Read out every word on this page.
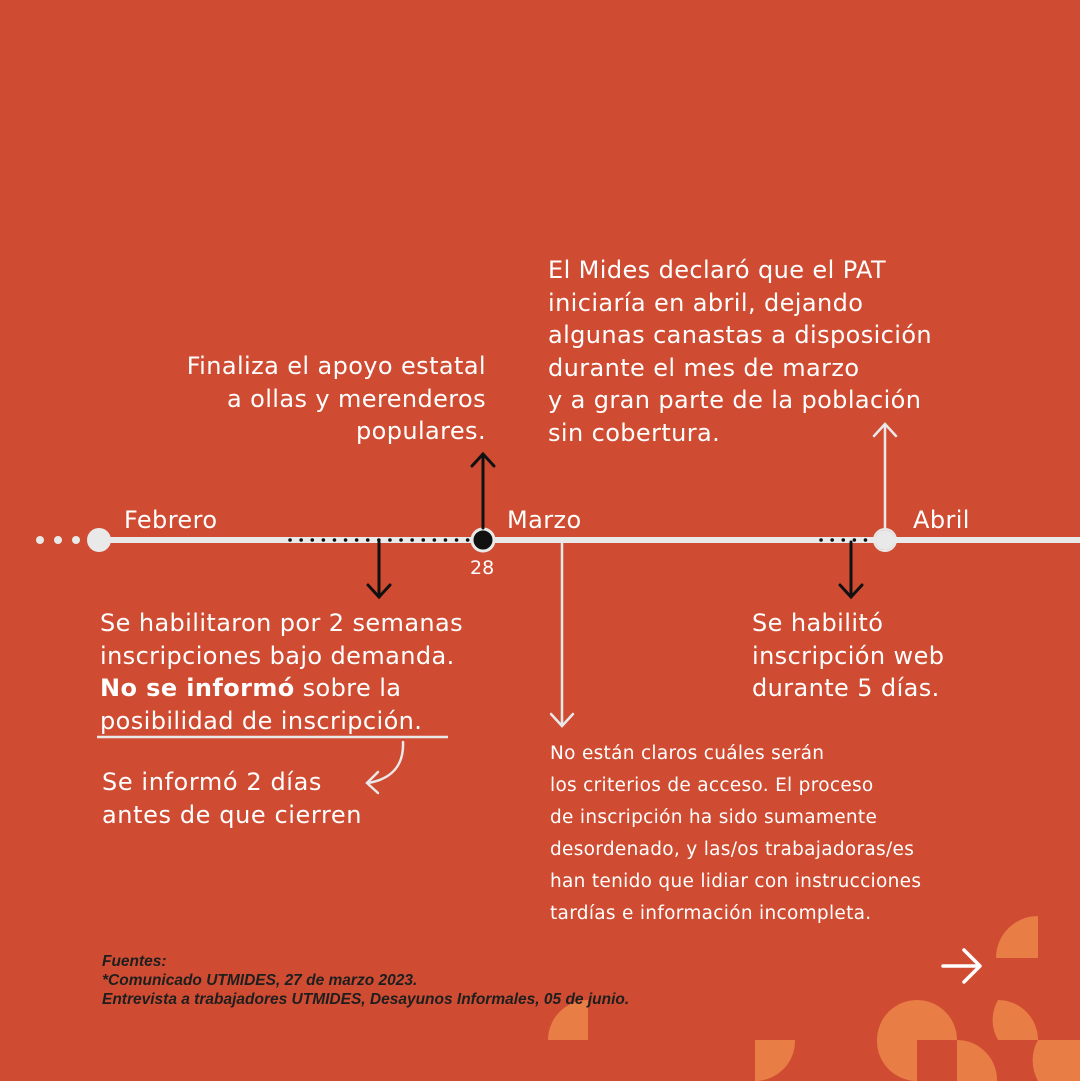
Febrero	Marzo	Abril
28
Finaliza el apoyo estatal
a ollas y merenderos
populares.
El Mides declaró que el PAT
iniciaría en abril, dejando
algunas canastas a disposición
durante el mes de marzo
y a gran parte de la población
sin cobertura.
Se habilitaron por 2 semanas
inscripciones bajo demanda.
No se informó sobre la
posibilidad de inscripción.
Se informó 2 días
antes de que cierren
Se habilitó
inscripción web
durante 5 días.
No están claros cuáles serán
los criterios de acceso. El proceso
de inscripción ha sido sumamente
desordenado, y las/os trabajadoras/es
han tenido que lidiar con instrucciones
tardías e información incompleta.
Fuentes:
*Comunicado UTMIDES, 27 de marzo 2023.
Entrevista a trabajadores UTMIDES, Desayunos Informales, 05 de junio.
